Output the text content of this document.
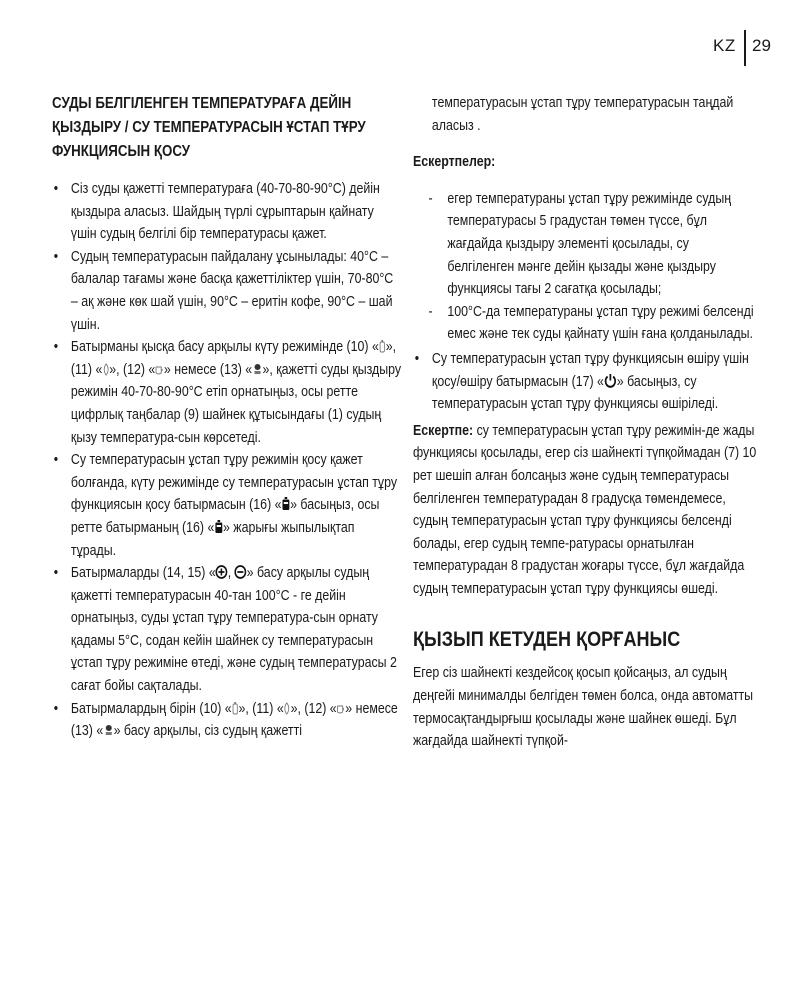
KZ 29
СУДЫ БЕЛГІЛЕНГЕН ТЕМПЕРАТУРАҒА ДЕЙІН ҚЫЗДЫРУ / СУ ТЕМПЕРАТУРАСЫН ҰСТАП ТҰРУ ФУНКЦИЯСЫН ҚОСУ
• Сіз суды қажетті температураға (40-70-80-90°C) дейін қыздыра аласыз. Шайдың түрлі сұрыптарын қайнату үшін судың белгілі бір температурасы қажет.
• Судың температурасын пайдалану ұсынылады: 40°C – балалар тағамы және басқа қажеттіліктер үшін, 70-80°C – ақ және көк шай үшін, 90°C – еритін кофе, 90°C – шай үшін.
• Батырманы қысқа басу арқылы күту режимінде (10) « », (11) « », (12) « » немесе (13) « », қажетті суды қыздыру режимін 40-70-80-90°C етіп орнатыңыз, осы ретте цифрлық таңбалар (9) шайнек құтысындағы (1) судың қызу температура-сын көрсетеді.
• Су температурасын ұстап тұру режимін қосу қажет болғанда, күту режимінде су температурасын ұстап тұру функциясын қосу батырмасын (16) « » басыңыз, осы ретте батырманың (16) « » жарығы жыпылықтап тұрады.
• Батырмаларды (14, 15) « ,
» басу арқылы судың қажетті температурасын 40-тан 100°C - ге дейін орнатыңыз, суды ұстап тұру температура-сын орнату қадамы 5°C, содан кейін шайнек су температурасын ұстап тұру режиміне өтеді, және судың температурасы 2 сағат бойы сақталады.
• Батырмалардың бірін (10) « », (11) « », (12) « » немесе (13) « » басу арқылы, сіз судың қажетті

температурасын ұстап тұру температурасын таңдай аласыз .

Ескертпелер:

- егер температураны ұстап тұру режимінде судың температурасы 5 градустан төмен түссе, бұл жағдайда қыздыру элементі қосылады, су белгіленген мәнге дейін қызады және қыздыру функциясы тағы 2 сағатқа қосылады;
- 100°C-да температураны ұстап тұру режимі белсенді емес және тек суды қайнату үшін ғана қолданылады.
• Су температурасын ұстап тұру функциясын өшіру үшін қосу/өшіру батырмасын (17) « » басыңыз, су температурасын ұстап тұру функциясы өшіріледі.

Ескертпе: су температурасын ұстап тұру режимін-де жады функциясы қосылады, егер сіз шайнекті түпқоймадан (7) 10 рет шешіп алған болсаңыз және судың температурасы белгіленген температурадан 8 градусқа төмендемесе, судың температурасын ұстап тұру функциясы белсенді болады, егер судың темпе-ратурасы орнатылған температурадан 8 градустан жоғары түссе, бұл жағдайда судың температурасын ұстап тұру функциясы өшеді.

ҚЫЗЫП КЕТУДЕН ҚОРҒАНЫС

Егер сіз шайнекті кездейсоқ қосып қойсаңыз, ал судың деңгейі минималды белгіден төмен болса, онда автоматты термосақтандырғыш қосылады және шайнек өшеді. Бұл жағдайда шайнекті түпқой-
